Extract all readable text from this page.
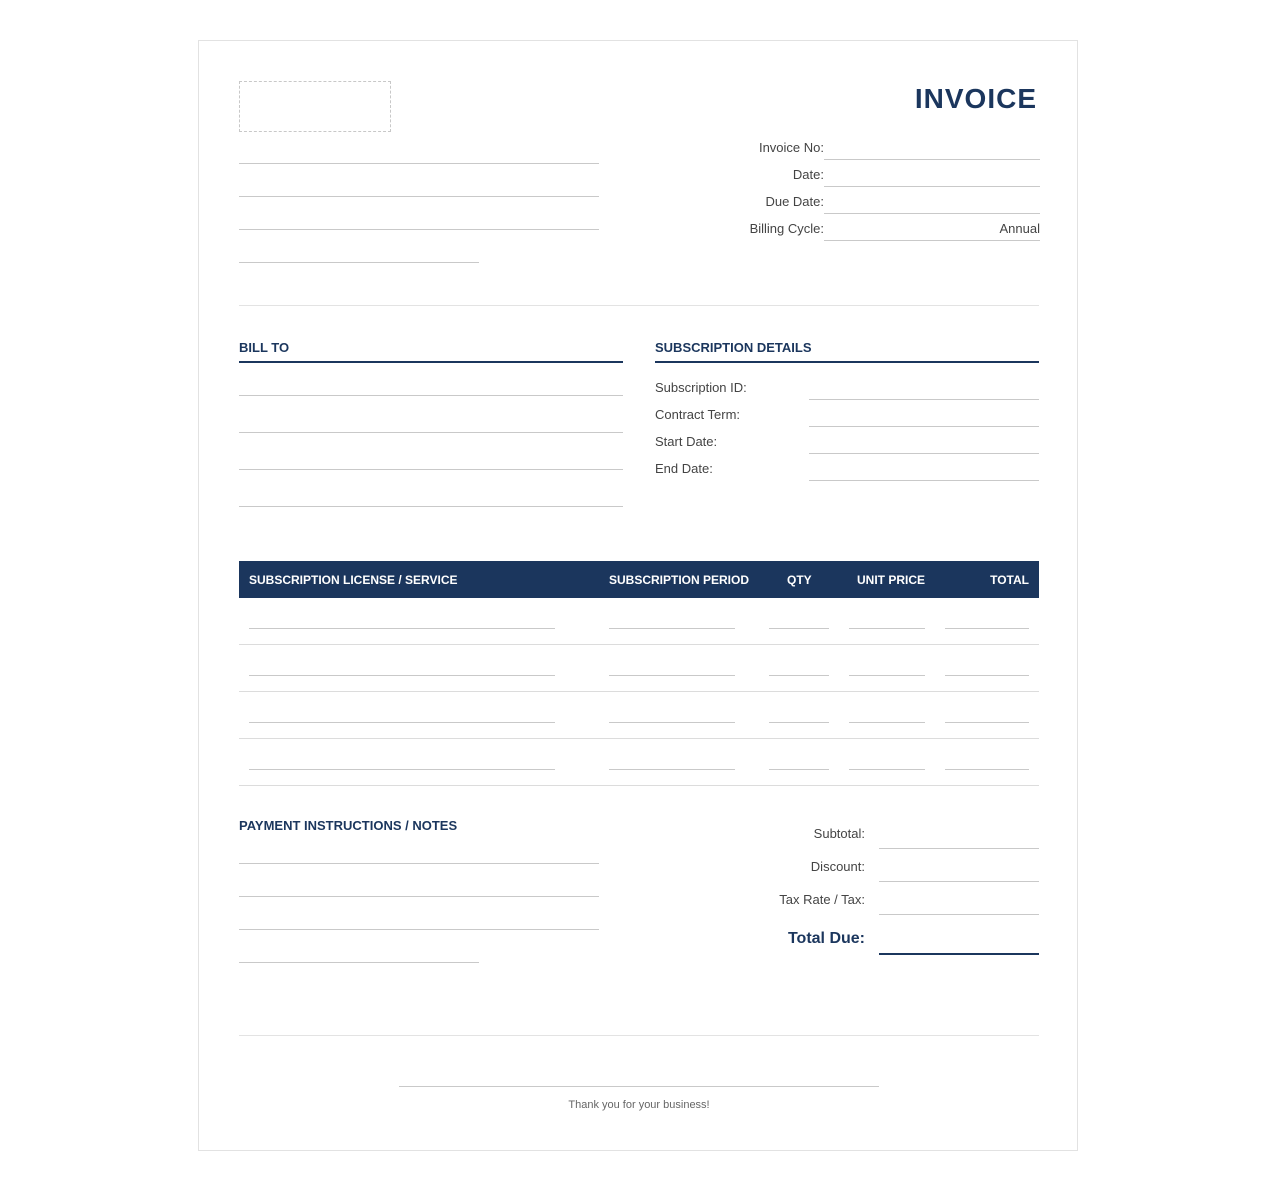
INVOICE
Invoice No:
Date:
Due Date:
Billing Cycle:	Annual
BILL TO	SUBSCRIPTION DETAILS
Subscription ID:
Contract Term:
Start Date:
End Date:
SUBSCRIPTION LICENSE / SERVICE	SUBSCRIPTION PERIOD	QTY	UNIT PRICE	TOTAL
PAYMENT INSTRUCTIONS / NOTES
Subtotal:
Discount:
Tax Rate / Tax:
Total Due:
Thank you for your business!
